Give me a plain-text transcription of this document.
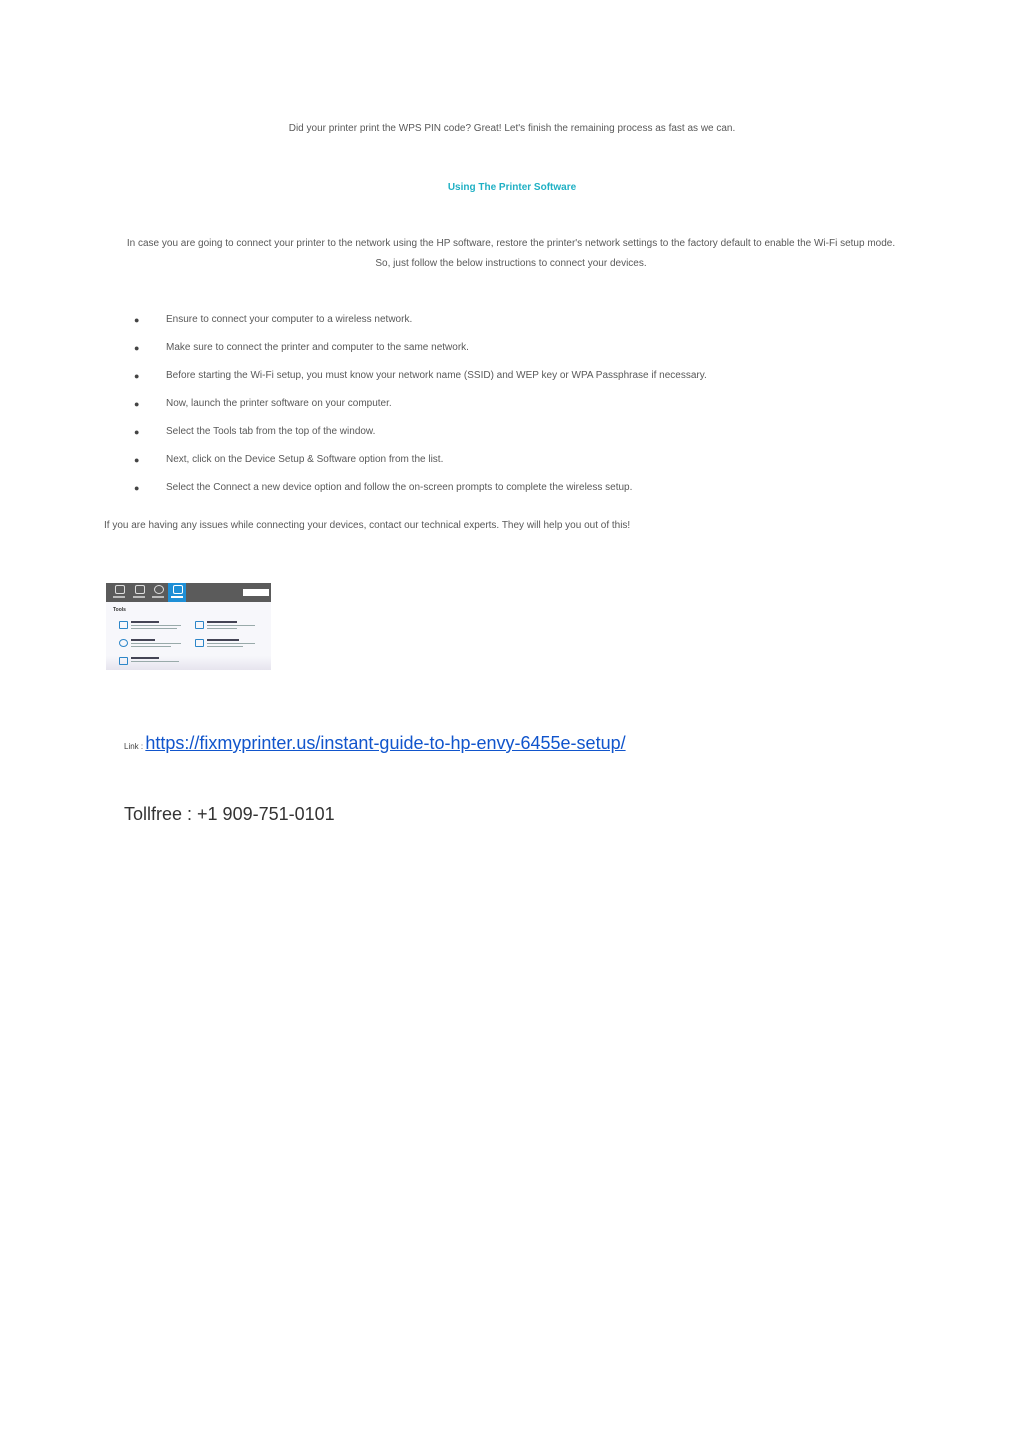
Did your printer print the WPS PIN code? Great! Let's finish the remaining process as fast as we can.
Using The Printer Software
In case you are going to connect your printer to the network using the HP software, restore the printer's network settings to the factory default to enable the Wi-Fi setup mode. So, just follow the below instructions to connect your devices.
●	Ensure to connect your computer to a wireless network.
●	Make sure to connect the printer and computer to the same network.
●	Before starting the Wi-Fi setup, you must know your network name (SSID) and WEP key or WPA Passphrase if necessary.
●	Now, launch the printer software on your computer.
●	Select the Tools tab from the top of the window.
●	Next, click on the Device Setup & Software option from the list.
●	Select the Connect a new device option and follow the on-screen prompts to complete the wireless setup.
If you are having any issues while connecting your devices, contact our technical experts. They will help you out of this!
Tools
Link : https://fixmyprinter.us/instant-guide-to-hp-envy-6455e-setup/
Tollfree : +1 909-751-0101
